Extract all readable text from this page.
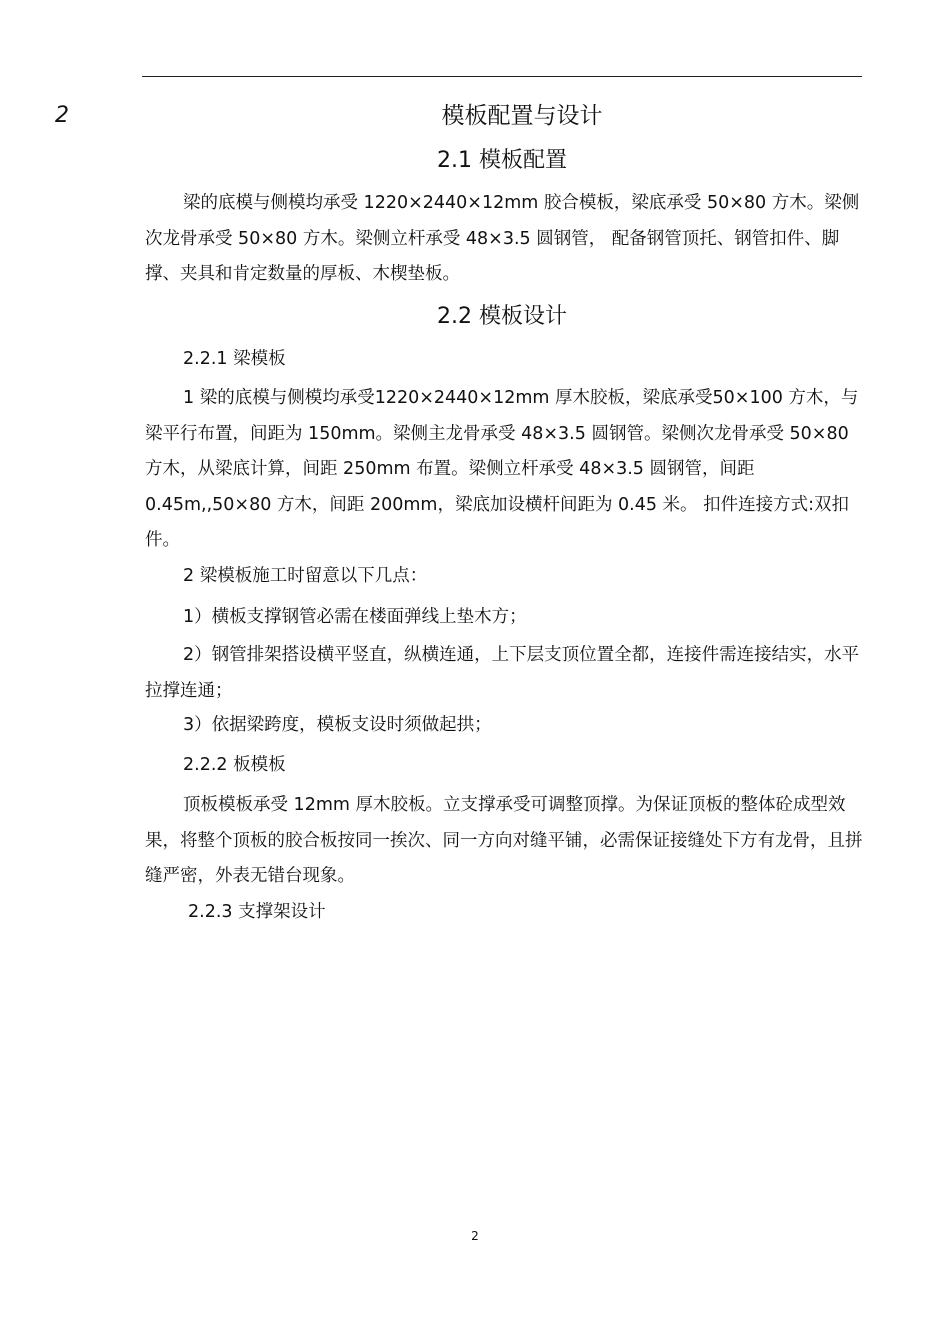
2	模板配置与设计
2.1 模板配置

梁的底模与侧模均承受 1220×2440×12mm 胶合模板，梁底承受 50×80 方木。梁侧次龙骨承受 50×80 方木。梁侧立杆承受 48×3.5 圆钢管， 配备钢管顶托、钢管扣件、脚撑、夹具和肯定数量的厚板、木楔垫板。

2.2 模板设计
2.2.1 梁模板

1 梁的底模与侧模均承受1220×2440×12mm 厚木胶板，梁底承受50×100 方木，与梁平行布置，间距为 150mm。梁侧主龙骨承受 48×3.5 圆钢管。梁侧次龙骨承受 50×80 方木，从梁底计算，间距 250mm 布置。梁侧立杆承受 48×3.5 圆钢管，间距 0.45m,,50×80 方木，间距 200mm，梁底加设横杆间距为 0.45 米。 扣件连接方式:双扣件。

2 梁模板施工时留意以下几点：
1）横板支撑钢管必需在楼面弹线上垫木方；

2）钢管排架搭设横平竖直，纵横连通，上下层支顶位置全都，连接件需连接结实，水平拉撑连通；

3）依据梁跨度，模板支设时须做起拱；
2.2.2 板模板

顶板模板承受 12mm 厚木胶板。立支撑承受可调整顶撑。为保证顶板的整体砼成型效果，将整个顶板的胶合板按同一挨次、同一方向对缝平铺，必需保证接缝处下方有龙骨，且拼缝严密，外表无错台现象。

2.2.3 支撑架设计
2
